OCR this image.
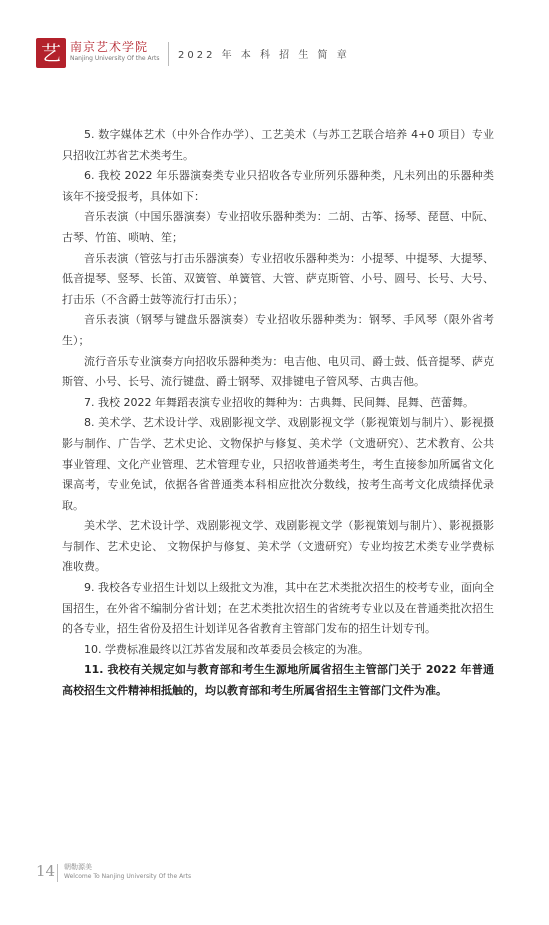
艺 南京艺术学院
Nanjing University Of the Arts 2022 年 本 科 招 生 简 章

5. 数字媒体艺术（中外合作办学）、工艺美术（与苏工艺联合培养 4+0 项目）专业只招收江苏省艺术类考生。

6. 我校 2022 年乐器演奏类专业只招收各专业所列乐器种类，凡未列出的乐器种类该年不接受报考，具体如下：

音乐表演（中国乐器演奏）专业招收乐器种类为：二胡、古筝、扬琴、琵琶、中阮、古琴、竹笛、唢呐、笙；

音乐表演（管弦与打击乐器演奏）专业招收乐器种类为：小提琴、中提琴、大提琴、低音提琴、竖琴、长笛、双簧管、单簧管、大管、萨克斯管、小号、圆号、长号、大号、打击乐（不含爵士鼓等流行打击乐）；

音乐表演（钢琴与键盘乐器演奏）专业招收乐器种类为：钢琴、手风琴（限外省考生）；

流行音乐专业演奏方向招收乐器种类为：电吉他、电贝司、爵士鼓、低音提琴、萨克斯管、小号、长号、流行键盘、爵士钢琴、双排键电子管风琴、古典吉他。

7. 我校 2022 年舞蹈表演专业招收的舞种为：古典舞、民间舞、昆舞、芭蕾舞。

8. 美术学、艺术设计学、戏剧影视文学、戏剧影视文学（影视策划与制片）、影视摄影与制作、广告学、艺术史论、文物保护与修复、美术学（文遗研究）、艺术教育、公共事业管理、文化产业管理、艺术管理专业，只招收普通类考生，考生直接参加所属省文化课高考，专业免试，依据各省普通类本科相应批次分数线，按考生高考文化成绩择优录取。

美术学、艺术设计学、戏剧影视文学、戏剧影视文学（影视策划与制片）、影视摄影与制作、艺术史论、 文物保护与修复、美术学（文遗研究）专业均按艺术类专业学费标准收费。

9. 我校各专业招生计划以上级批文为准，其中在艺术类批次招生的校考专业，面向全国招生，在外省不编制分省计划；在艺术类批次招生的省统考专业以及在普通类批次招生的各专业，招生省份及招生计划详见各省教育主管部门发布的招生计划专刊。

10. 学费标准最终以江苏省发展和改革委员会核定的为准。

11. 我校有关规定如与教育部和考生生源地所属省招生主管部门关于 2022 年普通高校招生文件精神相抵触的，均以教育部和考生所属省招生主管部门文件为准。

14 朝勒源美
Welcome To Nanjing University Of the Arts
